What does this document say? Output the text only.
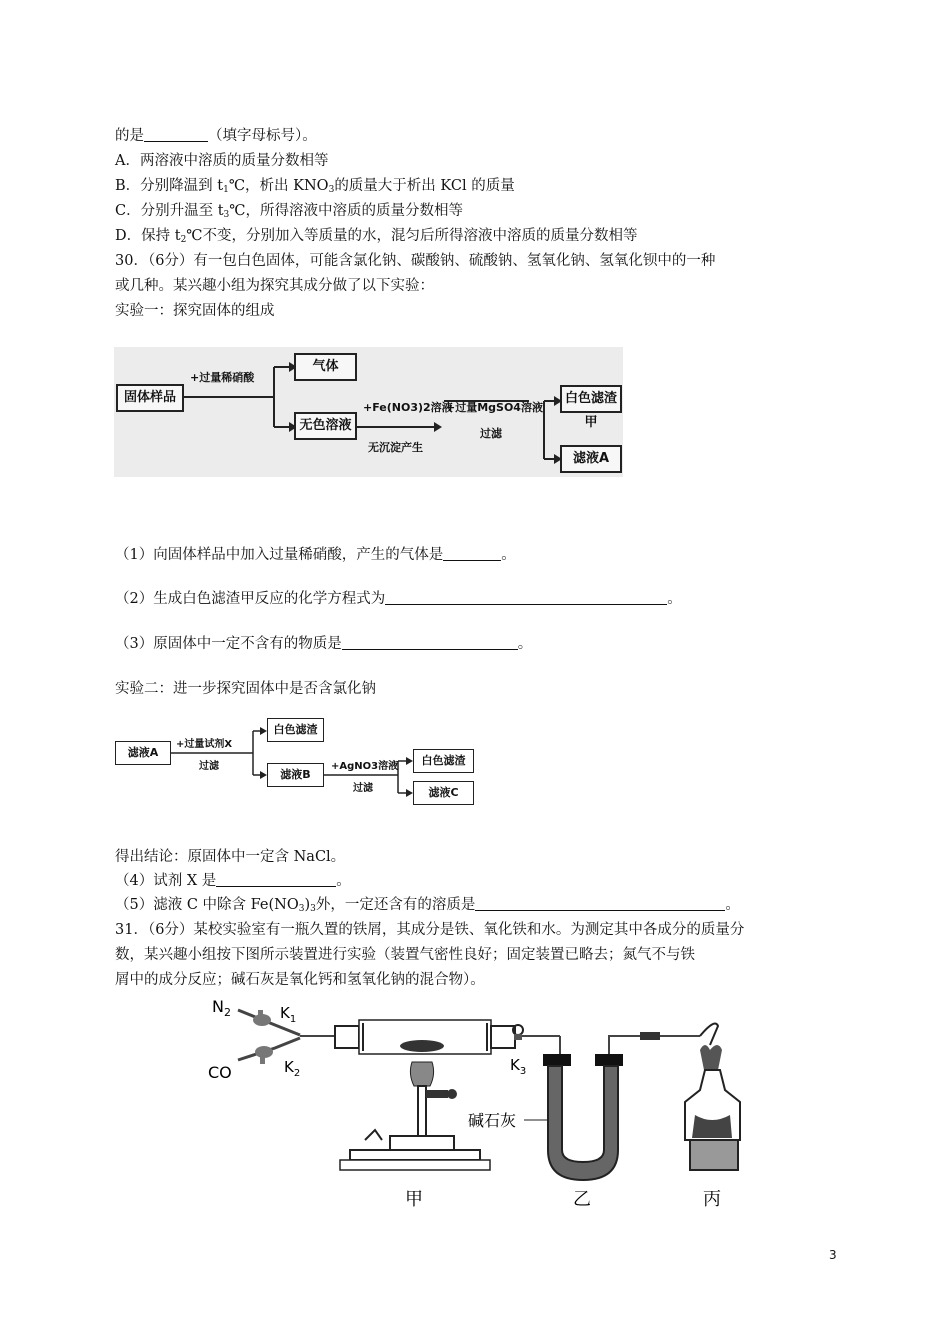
的是	（填字母标号）。
A．两溶液中溶质的质量分数相等
B．分别降温到 $t_1℃$，析出 $KNO_3$的质量大于析出 KCl 的质量
C．分别升温至 $t_3℃$，所得溶液中溶质的质量分数相等
D．保持 $t_2℃$不变，分别加入等质量的水，混匀后所得溶液中溶质的质量分数相等
30．（6分）有一包白色固体，可能含氯化钠、碳酸钠、硫酸钠、氢氧化钠、氢氧化钡中的一种
或几种。某兴趣小组为探究其成分做了以下实验：
实验一：探究固体的组成
固体样品
+过量稀硝酸
气体
无色溶液
+Fe(NO3)2溶液
无沉淀产生
+过量MgSO4溶液
过滤
白色滤渣甲
滤液A
（1）向固体样品中加入过量稀硝酸，产生的气体是	。
（2）生成白色滤渣甲反应的化学方程式为	。
（3）原固体中一定不含有的物质是	。
实验二：进一步探究固体中是否含氯化钠
滤液A
+过量试剂X
过滤
白色滤渣
滤液B
+AgNO3溶液
过滤
白色滤渣
滤液C
得出结论：原固体中一定含 NaCl。
（4）试剂 X 是	。
（5）滤液 C 中除含 $Fe(NO_3)_3$外，一定还含有的溶质是	。
31．（6分）某校实验室有一瓶久置的铁屑，其成分是铁、氧化铁和水。为测定其中各成分的质量分
数，某兴趣小组按下图所示装置进行实验（装置气密性良好；固定装置已略去；氮气不与铁
屑中的成分反应；碱石灰是氧化钙和氢氧化钠的混合物）。
$N_2$
CO
$K_1$
$K_2$	$K_3$
碱石灰
甲	乙	丙
3
